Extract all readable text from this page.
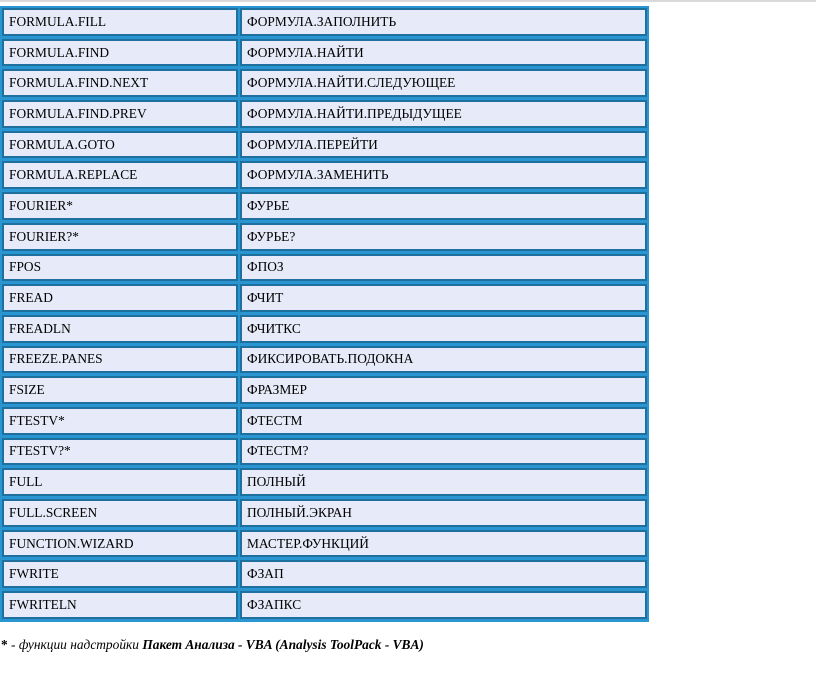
FORMULA.FILL	ФОРМУЛА.ЗАПОЛНИТЬ
FORMULA.FIND	ФОРМУЛА.НАЙТИ
FORMULA.FIND.NEXT	ФОРМУЛА.НАЙТИ.СЛЕДУЮЩЕЕ
FORMULA.FIND.PREV	ФОРМУЛА.НАЙТИ.ПРЕДЫДУЩЕЕ
FORMULA.GOTO	ФОРМУЛА.ПЕРЕЙТИ
FORMULA.REPLACE	ФОРМУЛА.ЗАМЕНИТЬ
FOURIER*	ФУРЬЕ
FOURIER?*	ФУРЬЕ?
FPOS	ФПОЗ
FREAD	ФЧИТ
FREADLN	ФЧИТКС
FREEZE.PANES	ФИКСИРОВАТЬ.ПОДОКНА
FSIZE	ФРАЗМЕР
FTESTV*	ФТЕСТМ
FTESTV?*	ФТЕСТМ?
FULL	ПОЛНЫЙ
FULL.SCREEN	ПОЛНЫЙ.ЭКРАН
FUNCTION.WIZARD	МАСТЕР.ФУНКЦИЙ
FWRITE	ФЗАП
FWRITELN	ФЗАПКС
* - функции надстройки Пакет Анализа - VBA (Analysis ToolPack - VBA)
